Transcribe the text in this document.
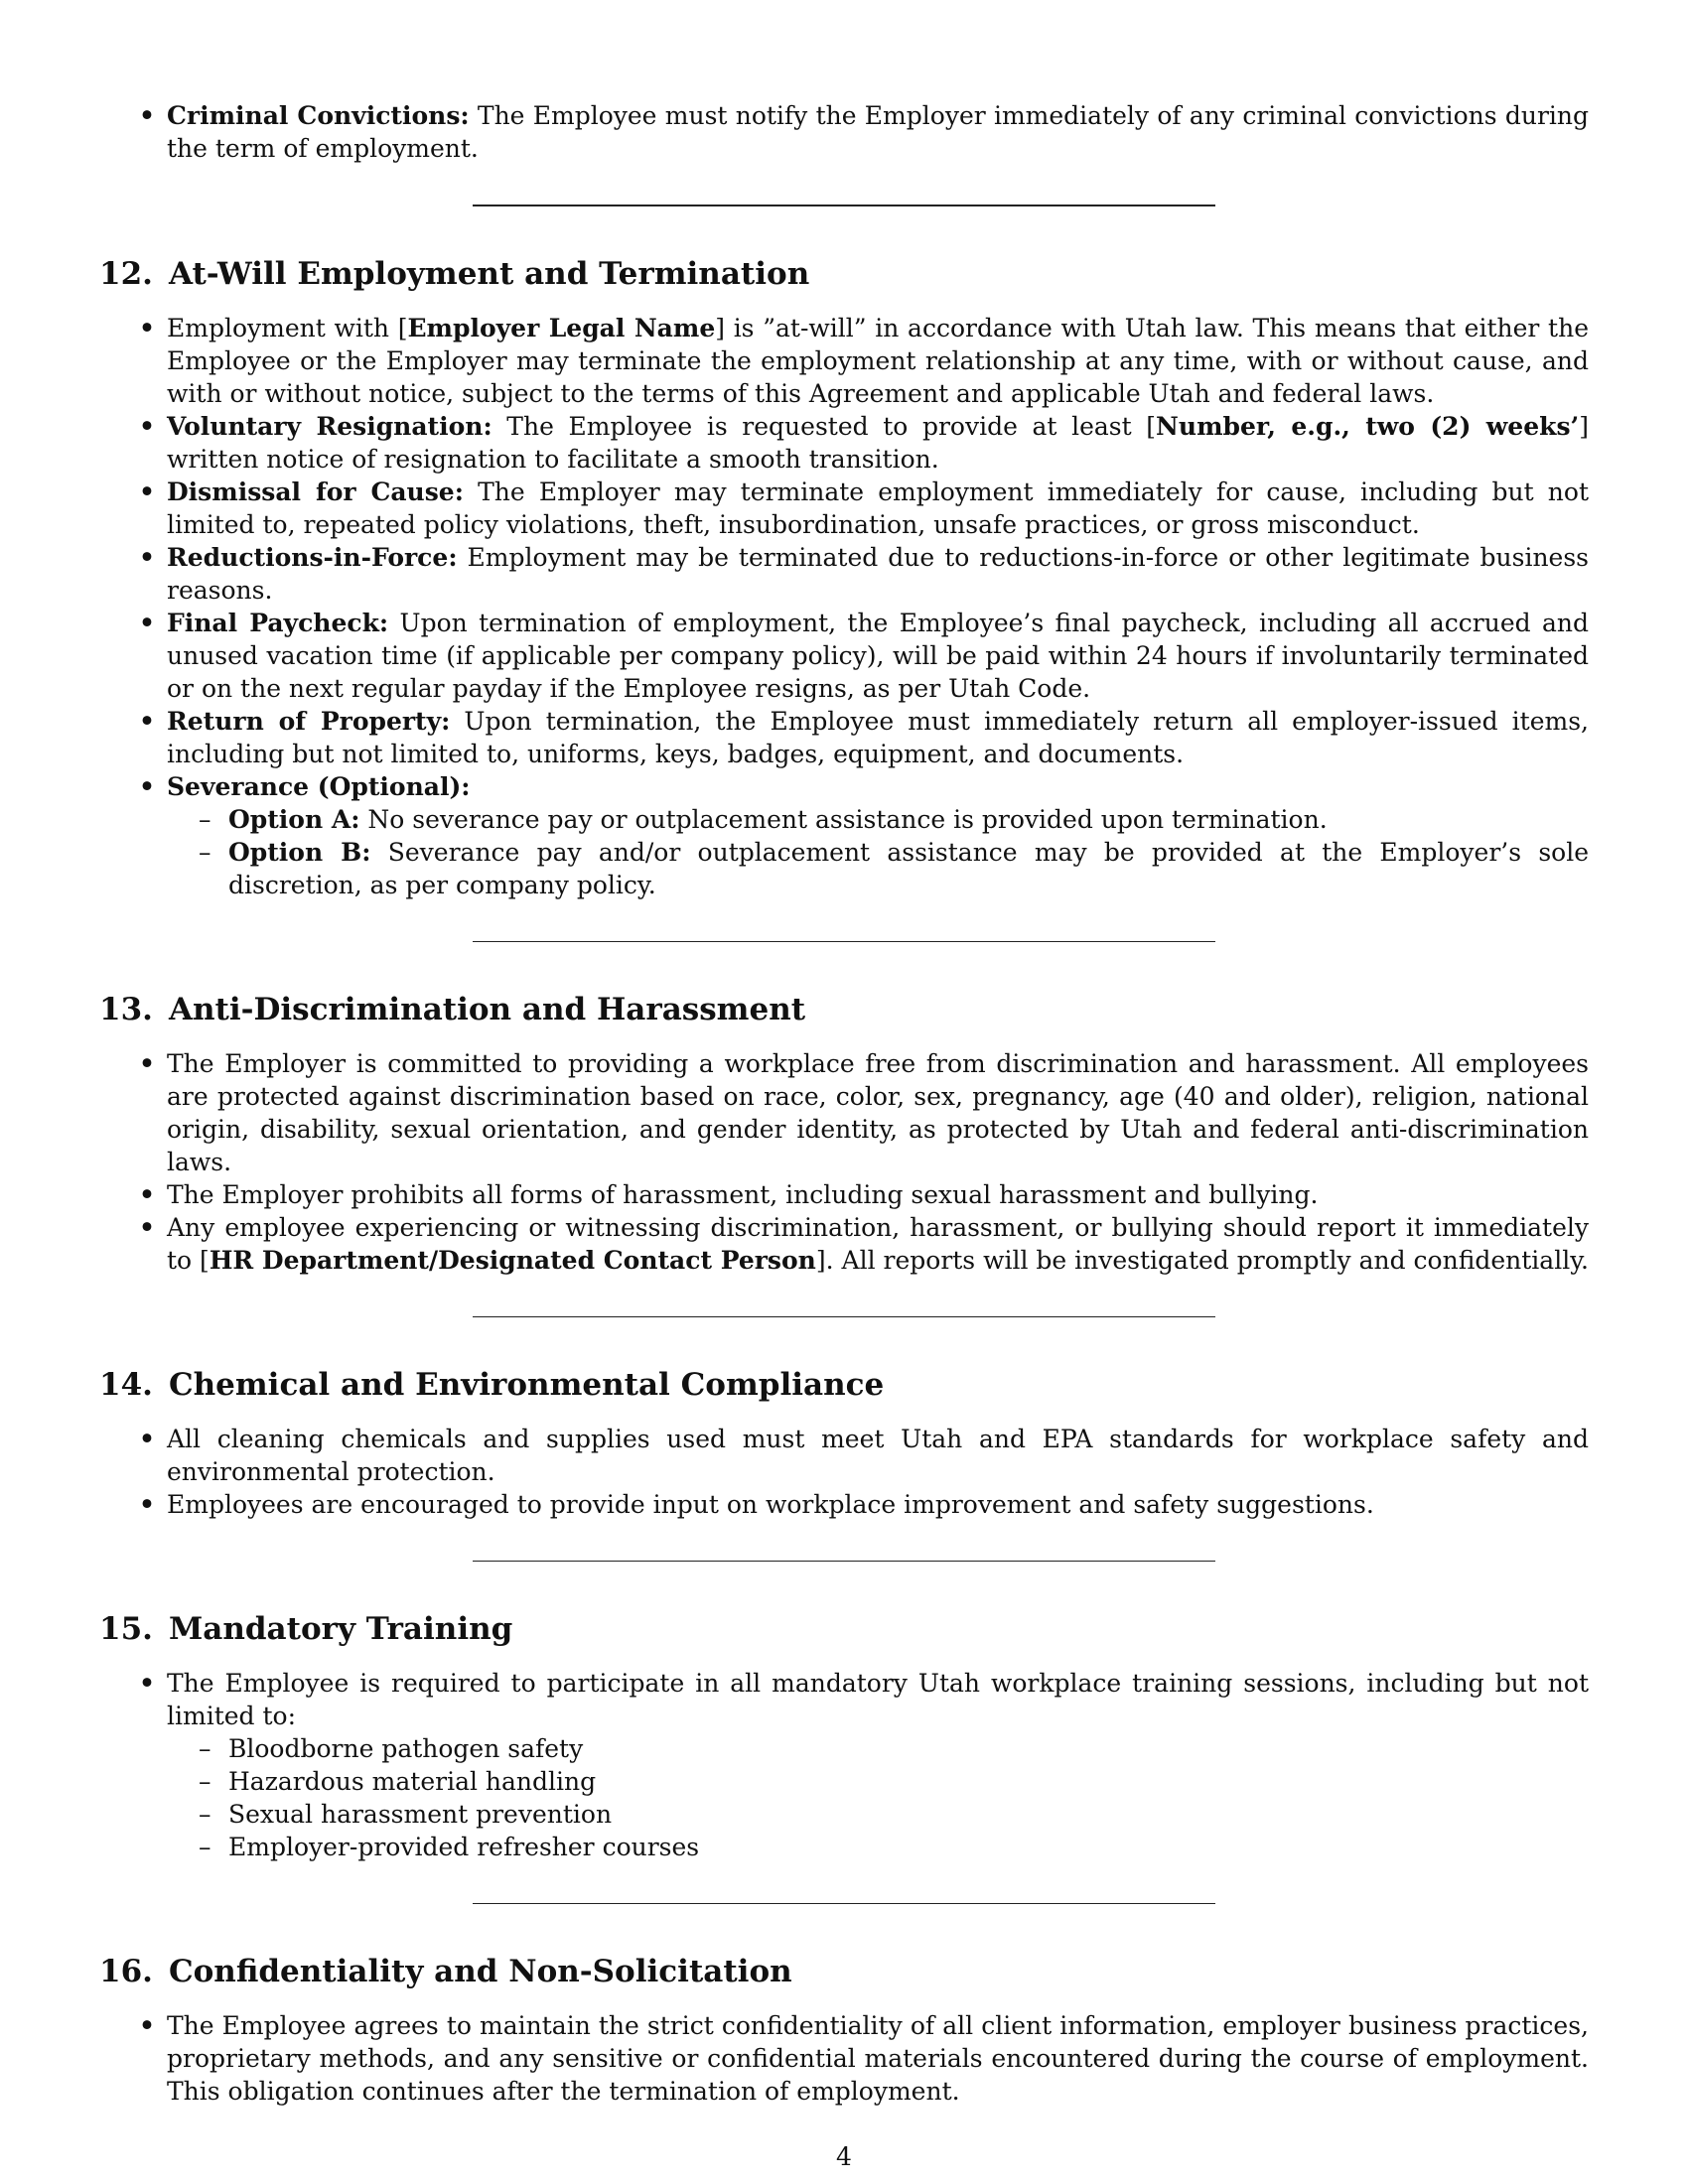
• Criminal Convictions: The Employee must notify the Employer immediately of any criminal convictions during the term of employment.
12. At-Will Employment and Termination
• Employment with [Employer Legal Name] is ”at-will” in accordance with Utah law. This means that either the Employee or the Employer may terminate the employment relationship at any time, with or without cause, and with or without notice, subject to the terms of this Agreement and applicable Utah and federal laws.
• Voluntary Resignation: The Employee is requested to provide at least [Number, e.g., two (2) weeks’] written notice of resignation to facilitate a smooth transition.
• Dismissal for Cause: The Employer may terminate employment immediately for cause, including but not limited to, repeated policy violations, theft, insubordination, unsafe practices, or gross misconduct.
• Reductions-in-Force: Employment may be terminated due to reductions-in-force or other legitimate business reasons.
• Final Paycheck: Upon termination of employment, the Employee’s final paycheck, including all accrued and unused vacation time (if applicable per company policy), will be paid within 24 hours if involuntarily terminated or on the next regular payday if the Employee resigns, as per Utah Code.
• Return of Property: Upon termination, the Employee must immediately return all employer-issued items, including but not limited to, uniforms, keys, badges, equipment, and documents.
• Severance (Optional):
– Option A: No severance pay or outplacement assistance is provided upon termination.
– Option B: Severance pay and/or outplacement assistance may be provided at the Employer’s sole discretion, as per company policy.
13. Anti-Discrimination and Harassment
• The Employer is committed to providing a workplace free from discrimination and harassment. All employees are protected against discrimination based on race, color, sex, pregnancy, age (40 and older), religion, national origin, disability, sexual orientation, and gender identity, as protected by Utah and federal anti-discrimination laws.
• The Employer prohibits all forms of harassment, including sexual harassment and bullying.
• Any employee experiencing or witnessing discrimination, harassment, or bullying should report it immediately to [HR Department/Designated Contact Person]. All reports will be investigated promptly and confidentially.
14. Chemical and Environmental Compliance
• All cleaning chemicals and supplies used must meet Utah and EPA standards for workplace safety and environmental protection.
• Employees are encouraged to provide input on workplace improvement and safety suggestions.
15. Mandatory Training
• The Employee is required to participate in all mandatory Utah workplace training sessions, including but not limited to:
– Bloodborne pathogen safety
– Hazardous material handling
– Sexual harassment prevention
– Employer-provided refresher courses
16. Confidentiality and Non-Solicitation
• The Employee agrees to maintain the strict confidentiality of all client information, employer business practices, proprietary methods, and any sensitive or confidential materials encountered during the course of employment. This obligation continues after the termination of employment.
4
